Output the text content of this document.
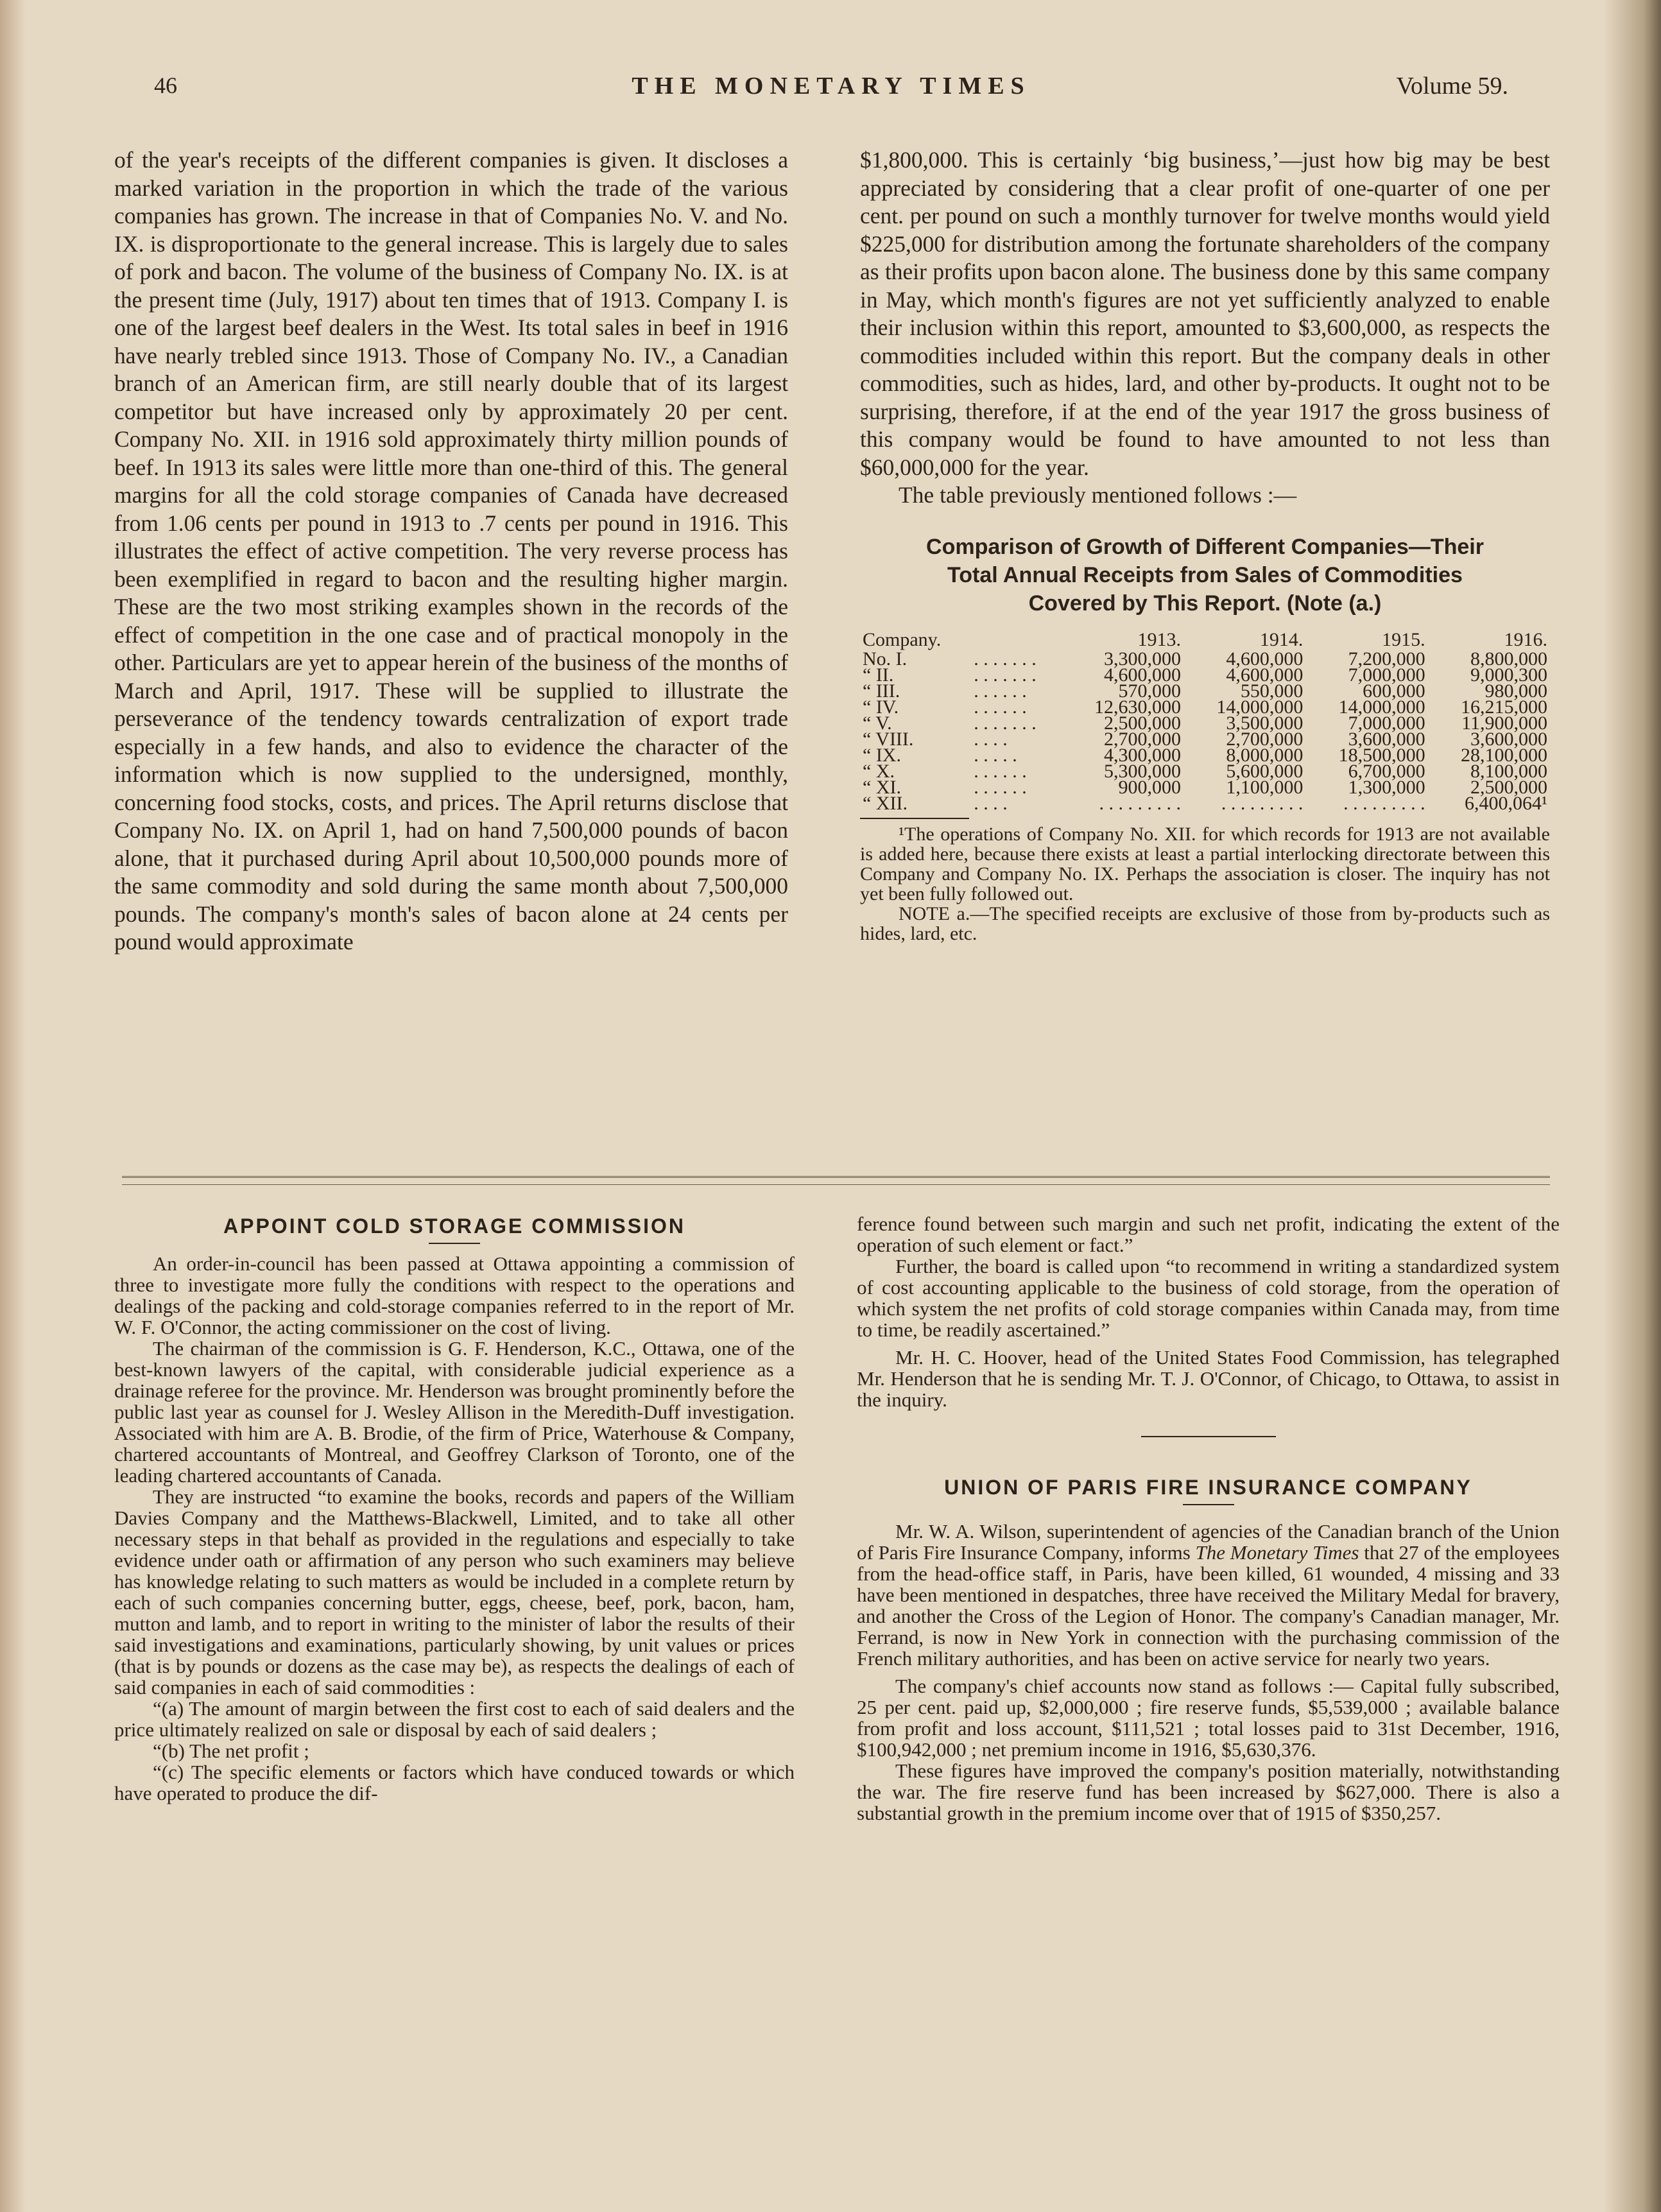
46	THE MONETARY TIMES	Volume 59.

of the year's receipts of the different companies is given. It discloses a marked variation in the proportion in which the trade of the various companies has grown. The increase in that of Companies No. V. and No. IX. is disproportionate to the general increase. This is largely due to sales of pork and bacon. The volume of the business of Company No. IX. is at the present time (July, 1917) about ten times that of 1913. Company I. is one of the largest beef dealers in the West. Its total sales in beef in 1916 have nearly trebled since 1913. Those of Company No. IV., a Canadian branch of an American firm, are still nearly double that of its largest competitor but have increased only by approximately 20 per cent. Company No. XII. in 1916 sold approximately thirty million pounds of beef. In 1913 its sales were little more than one-third of this. The general margins for all the cold storage companies of Canada have decreased from 1.06 cents per pound in 1913 to .7 cents per pound in 1916. This illustrates the effect of active competition. The very reverse process has been exemplified in regard to bacon and the resulting higher margin. These are the two most striking examples shown in the records of the effect of competition in the one case and of practical monopoly in the other. Particulars are yet to appear herein of the business of the months of March and April, 1917. These will be supplied to illustrate the perseverance of the tendency towards centralization of export trade especially in a few hands, and also to evidence the character of the information which is now supplied to the undersigned, monthly, concerning food stocks, costs, and prices. The April returns disclose that Company No. IX. on April 1, had on hand 7,500,000 pounds of bacon alone, that it purchased during April about 10,500,000 pounds more of the same commodity and sold during the same month about 7,500,000 pounds. The company's month's sales of bacon alone at 24 cents per pound would approximate

$1,800,000. This is certainly ‘big business,’—just how big may be best appreciated by considering that a clear profit of one-quarter of one per cent. per pound on such a monthly turnover for twelve months would yield $225,000 for distribution among the fortunate shareholders of the company as their profits upon bacon alone. The business done by this same company in May, which month's figures are not yet sufficiently analyzed to enable their inclusion within this report, amounted to $3,600,000, as respects the commodities included within this report. But the company deals in other commodities, such as hides, lard, and other by-products. It ought not to be surprising, therefore, if at the end of the year 1917 the gross business of this company would be found to have amounted to not less than $60,000,000 for the year.

The table previously mentioned follows :—

Comparison of Growth of Different Companies—Their
Total Annual Receipts from Sales of Commodities
Covered by This Report. (Note (a.)
Company.		1913.	1914.	1915.	1916.
No. I.	. . . . . . .	3,300,000	4,600,000	7,200,000	8,800,000
“ II.	. . . . . . .	4,600,000	4,600,000	7,000,000	9,000,300
“ III.	. . . . . .	570,000	550,000	600,000	980,000
“ IV.	. . . . . .	12,630,000	14,000,000	14,000,000	16,215,000
“ V.	. . . . . . .	2,500,000	3,500,000	7,000,000	11,900,000
“ VIII.	. . . .	2,700,000	2,700,000	3,600,000	3,600,000
“ IX.	. . . . .	4,300,000	8,000,000	18,500,000	28,100,000
“ X.	. . . . . .	5,300,000	5,600,000	6,700,000	8,100,000
“ XI.	. . . . . .	900,000	1,100,000	1,300,000	2,500,000
“ XII.	. . . .	. . . . . . . . .	. . . . . . . . .	. . . . . . . . .	6,400,064¹

¹The operations of Company No. XII. for which records for 1913 are not available is added here, because there exists at least a partial interlocking directorate between this Company and Company No. IX. Perhaps the association is closer. The inquiry has not yet been fully followed out.

NOTE a.—The specified receipts are exclusive of those from by-products such as hides, lard, etc.

APPOINT COLD STORAGE COMMISSION

An order-in-council has been passed at Ottawa appointing a commission of three to investigate more fully the conditions with respect to the operations and dealings of the packing and cold-storage companies referred to in the report of Mr. W. F. O'Connor, the acting commissioner on the cost of living.

The chairman of the commission is G. F. Henderson, K.C., Ottawa, one of the best-known lawyers of the capital, with considerable judicial experience as a drainage referee for the province. Mr. Henderson was brought prominently before the public last year as counsel for J. Wesley Allison in the Meredith-Duff investigation. Associated with him are A. B. Brodie, of the firm of Price, Waterhouse & Company, chartered accountants of Montreal, and Geoffrey Clarkson of Toronto, one of the leading chartered accountants of Canada.

They are instructed “to examine the books, records and papers of the William Davies Company and the Matthews-Blackwell, Limited, and to take all other necessary steps in that behalf as provided in the regulations and especially to take evidence under oath or affirmation of any person who such examiners may believe has knowledge relating to such matters as would be included in a complete return by each of such companies concerning butter, eggs, cheese, beef, pork, bacon, ham, mutton and lamb, and to report in writing to the minister of labor the results of their said investigations and examinations, particularly showing, by unit values or prices (that is by pounds or dozens as the case may be), as respects the dealings of each of said companies in each of said commodities :

“(a) The amount of margin between the first cost to each of said dealers and the price ultimately realized on sale or disposal by each of said dealers ;

“(b) The net profit ;

“(c) The specific elements or factors which have conduced towards or which have operated to produce the dif-

ference found between such margin and such net profit, indicating the extent of the operation of such element or fact.”

Further, the board is called upon “to recommend in writing a standardized system of cost accounting applicable to the business of cold storage, from the operation of which system the net profits of cold storage companies within Canada may, from time to time, be readily ascertained.”

Mr. H. C. Hoover, head of the United States Food Commission, has telegraphed Mr. Henderson that he is sending Mr. T. J. O'Connor, of Chicago, to Ottawa, to assist in the inquiry.

UNION OF PARIS FIRE INSURANCE COMPANY

Mr. W. A. Wilson, superintendent of agencies of the Canadian branch of the Union of Paris Fire Insurance Company, informs The Monetary Times that 27 of the employees from the head-office staff, in Paris, have been killed, 61 wounded, 4 missing and 33 have been mentioned in despatches, three have received the Military Medal for bravery, and another the Cross of the Legion of Honor. The company's Canadian manager, Mr. Ferrand, is now in New York in connection with the purchasing commission of the French military authorities, and has been on active service for nearly two years.

The company's chief accounts now stand as follows :— Capital fully subscribed, 25 per cent. paid up, $2,000,000 ; fire reserve funds, $5,539,000 ; available balance from profit and loss account, $111,521 ; total losses paid to 31st December, 1916, $100,942,000 ; net premium income in 1916, $5,630,376.

These figures have improved the company's position materially, notwithstanding the war. The fire reserve fund has been increased by $627,000. There is also a substantial growth in the premium income over that of 1915 of $350,257.
